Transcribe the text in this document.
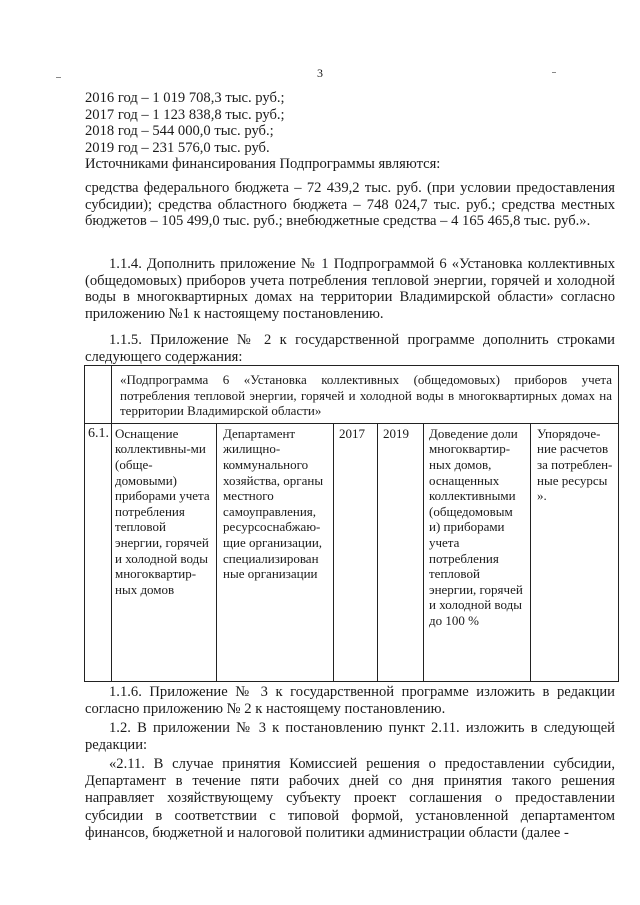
3
2016 год – 1 019 708,3 тыс. руб.;
2017 год – 1 123 838,8 тыс. руб.;
2018 год – 544 000,0 тыс. руб.;
2019 год – 231 576,0 тыс. руб.
Источниками финансирования Подпрограммы являются:
средства федерального бюджета – 72 439,2 тыс. руб. (при условии предоставления субсидии); средства областного бюджета – 748 024,7 тыс. руб.; средства местных бюджетов – 105 499,0 тыс. руб.; внебюджетные средства – 4 165 465,8 тыс. руб.».
1.1.4. Дополнить приложение № 1 Подпрограммой 6 «Установка коллективных (общедомовых) приборов учета потребления тепловой энергии, горячей и холодной воды в многоквартирных домах на территории Владимирской области» согласно приложению №1 к настоящему постановлению.
1.1.5. Приложение № 2 к государственной программе дополнить строками следующего содержания:
	«Подпрограмма 6 «Установка коллективных (общедомовых) приборов учета потребления тепловой энергии, горячей и холодной воды в многоквартирных домах на территории Владимирской области»					
6.1.	Оснащение коллективны-ми (обще-домовыми) приборами учета потребления тепловой энергии, горячей и холодной воды многоквартир-ных домов	Департамент жилищно-коммунального хозяйства, органы местного самоуправления, ресурсоснабжаю-щие организации, специализирован ные организации	2017	2019	Доведение доли многоквартир-ных домов, оснащенных коллективными (общедомовым и) приборами учета потребления тепловой энергии, горячей и холодной воды до 100 %	Упорядоче-ние расчетов за потреблен-ные ресурсы ».
1.1.6. Приложение № 3 к государственной программе изложить в редакции согласно приложению № 2 к настоящему постановлению.
1.2. В приложении № 3 к постановлению пункт 2.11. изложить в следующей редакции:
«2.11. В случае принятия Комиссией решения о предоставлении субсидии, Департамент в течение пяти рабочих дней со дня принятия такого решения направляет хозяйствующему субъекту проект соглашения о предоставлении субсидии в соответствии с типовой формой, установленной департаментом финансов, бюджетной и налоговой политики администрации области (далее -
